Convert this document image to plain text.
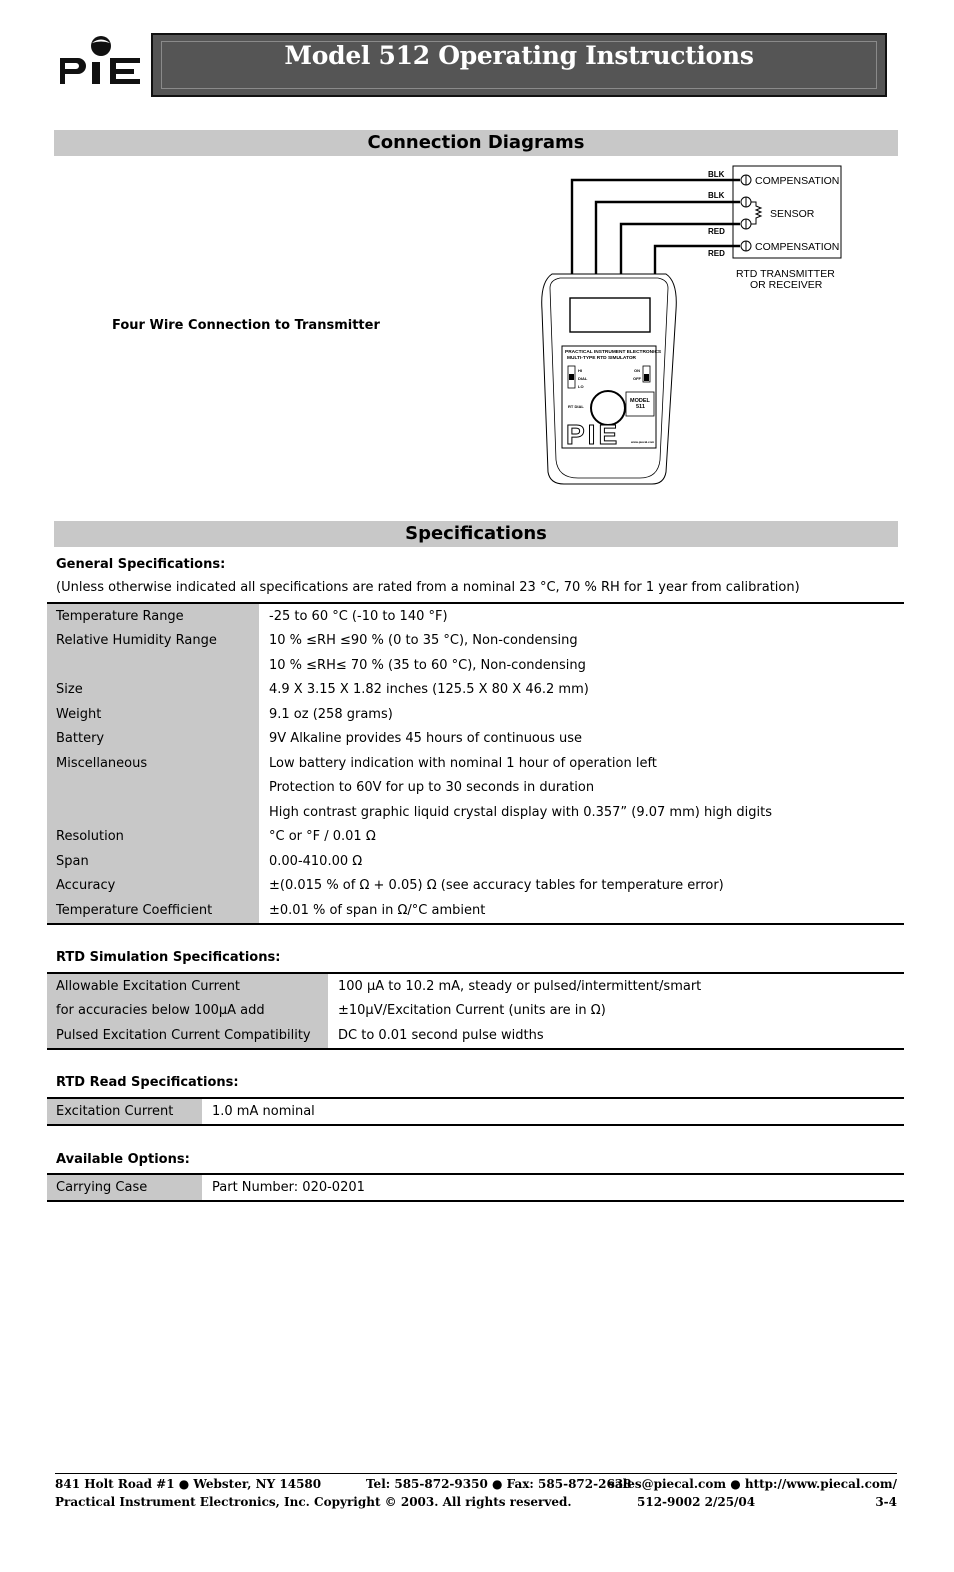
Model 512 Operating Instructions
Connection Diagrams
Four Wire Connection to Transmitter
BLK
BLK
RED
RED
COMPENSATION
SENSOR
COMPENSATION
RTD TRANSMITTER
OR RECEIVER
PRACTICAL INSTRUMENT ELECTRONICS
MULTI-TYPE RTD SIMULATOR
HI
DIAL
LO
ON
OFF
RT DIAL
MODEL
511
www.piecal.com
PIE
Specifications
General Specifications:
(Unless otherwise indicated all specifications are rated from a nominal 23 °C, 70 % RH for 1 year from calibration)
Temperature Range	-25 to 60 °C (-10 to 140 °F)
Relative Humidity Range	10 % ≤RH ≤90 % (0 to 35 °C), Non-condensing
	10 % ≤RH≤ 70 % (35 to 60 °C), Non-condensing
Size	4.9 X 3.15 X 1.82 inches (125.5 X 80 X 46.2 mm)
Weight	9.1 oz (258 grams)
Battery	9V Alkaline provides 45 hours of continuous use
Miscellaneous	Low battery indication with nominal 1 hour of operation left
	Protection to 60V for up to 30 seconds in duration
	High contrast graphic liquid crystal display with 0.357” (9.07 mm) high digits
Resolution	°C or °F / 0.01 Ω
Span	0.00-410.00 Ω
Accuracy	±(0.015 % of Ω + 0.05) Ω (see accuracy tables for temperature error)
Temperature Coefficient	±0.01 % of span in Ω/°C ambient
RTD Simulation Specifications:
Allowable Excitation Current	100 μA to 10.2 mA, steady or pulsed/intermittent/smart
for accuracies below 100μA add	±10μV/Excitation Current (units are in Ω)
Pulsed Excitation Current Compatibility	DC to 0.01 second pulse widths
RTD Read Specifications:
Excitation Current	1.0 mA nominal
Available Options:
Carrying Case	Part Number: 020-0201
841 Holt Road #1 ● Webster, NY 14580	Tel: 585-872-9350 ● Fax: 585-872-2638
sales@piecal.com ● http://www.piecal.com/
Practical Instrument Electronics, Inc. Copyright © 2003. All rights reserved.	512-9002 2/25/04	3-4
